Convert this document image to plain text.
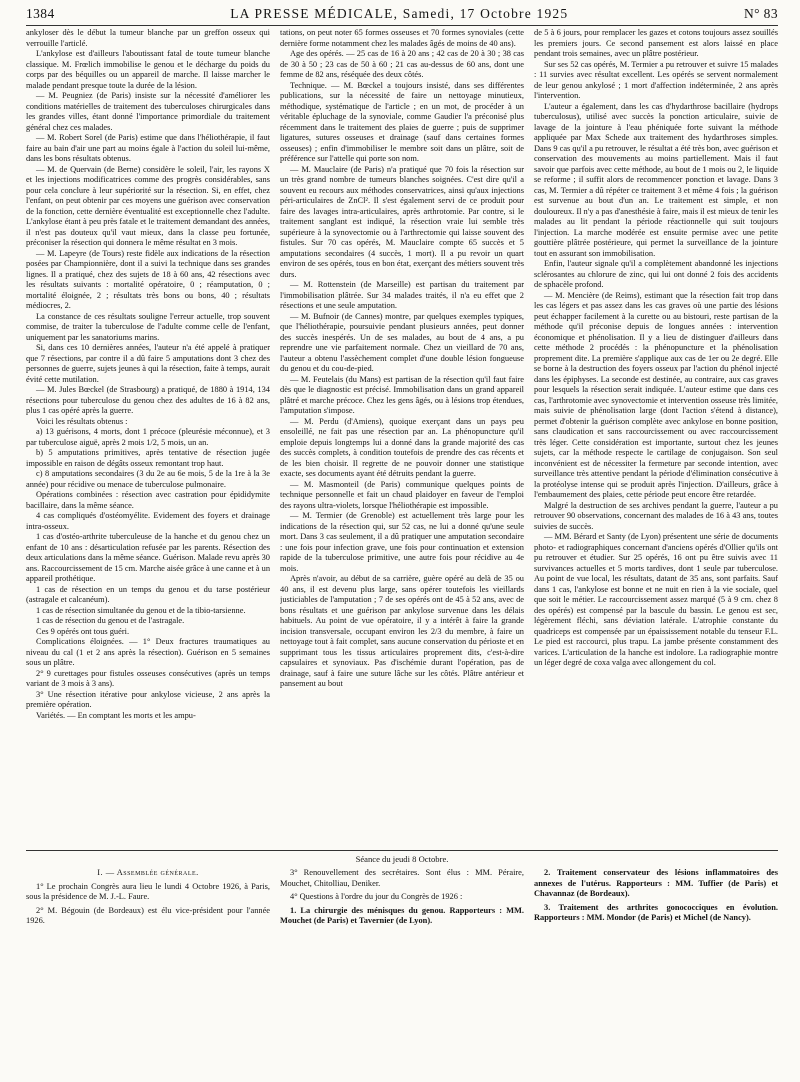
1384	LA PRESSE MÉDICALE, Samedi, 17 Octobre 1925	N° 83

ankyloser dès le début la tumeur blanche par un greffon osseux qui verrouille l'articlé.

L'ankylose est d'ailleurs l'aboutissant fatal de toute tumeur blanche classique. M. Frœlich immobilise le genou et le décharge du poids du corps par des béquilles ou un appareil de marche. Il laisse marcher le malade pendant presque toute la durée de la lésion.

— M. Peugniez (de Paris) insiste sur la nécessité d'améliorer les conditions matérielles de traitement des tuberculoses chirurgicales dans les grandes villes, étant donné l'importance primordiale du traitement général chez ces malades.

— M. Robert Sorel (de Paris) estime que dans l'héliothérapie, il faut faire au bain d'air une part au moins égale à l'action du soleil lui-même, dans les bons résultats obtenus.

— M. de Quervain (de Berne) considère le soleil, l'air, les rayons X et les injections modificatrices comme des progrès considérables, sans pour cela conclure à leur supériorité sur la résection. Si, en effet, chez l'enfant, on peut obtenir par ces moyens une guérison avec conservation de la fonction, cette dernière éventualité est exceptionnelle chez l'adulte. L'ankylose étant à peu près fatale et le traitement demandant des années, il n'est pas douteux qu'il vaut mieux, dans la classe peu fortunée, préconiser la résection qui donnera le même résultat en 3 mois.

— M. Lapeyre (de Tours) reste fidèle aux indications de la résection posées par Championnière, dont il a suivi la technique dans ses grandes lignes. Il a pratiqué, chez des sujets de 18 à 60 ans, 42 résections avec les résultats suivants : mortalité opératoire, 0 ; réamputation, 0 ; mortalité éloignée, 2 ; résultats très bons ou bons, 40 ; résultats médiocres, 2.

La constance de ces résultats souligne l'erreur actuelle, trop souvent commise, de traiter la tuberculose de l'adulte comme celle de l'enfant, uniquement par les sanatoriums marins.

Si, dans ces 10 dernières années, l'auteur n'a été appelé à pratiquer que 7 résections, par contre il a dû faire 5 amputations dont 3 chez des personnes de guerre, sujets jeunes à qui la résection, faite à temps, aurait évité cette mutilation.

— M. Jules Bœckel (de Strasbourg) a pratiqué, de 1880 à 1914, 134 résections pour tuberculose du genou chez des adultes de 16 à 82 ans, plus 1 cas opéré après la guerre.

Voici les résultats obtenus :

a) 13 guérisons, 4 morts, dont 1 précoce (pleurésie méconnue), et 3 par tuberculose aiguë, après 2 mois 1/2, 5 mois, un an.

b) 5 amputations primitives, après tentative de résection jugée impossible en raison de dégâts osseux remontant trop haut.

c) 8 amputations secondaires (3 du 2e au 6e mois, 5 de la 1re à la 3e année) pour récidive ou menace de tuberculose pulmonaire.

Opérations combinées : résection avec castration pour épididymite bacillaire, dans la même séance.

4 cas compliqués d'ostéomyélite. Evidement des foyers et drainage intra-osseux.

1 cas d'ostéo-arthrite tuberculeuse de la hanche et du genou chez un enfant de 10 ans : désarticulation refusée par les parents. Résection des deux articulations dans la même séance. Guérison. Malade revu après 30 ans. Raccourcissement de 15 cm. Marche aisée grâce à une canne et à un appareil prothétique.

1 cas de résection en un temps du genou et du tarse postérieur (astragale et calcanéum).

1 cas de résection simultanée du genou et de la tibio-tarsienne.

1 cas de résection du genou et de l'astragale.

Ces 9 opérés ont tous guéri.

Complications éloignées. — 1° Deux fractures traumatiques au niveau du cal (1 et 2 ans après la résection). Guérison en 5 semaines sous un plâtre.

2° 9 curettages pour fistules osseuses consécutives (après un temps variant de 3 mois à 3 ans).

3° Une résection itérative pour ankylose vicieuse, 2 ans après la première opération.

Variétés. — En comptant les morts et les ampu-

tations, on peut noter 65 formes osseuses et 70 formes synoviales (cette dernière forme notamment chez les malades âgés de moins de 40 ans).

Age des opérés. — 25 cas de 16 à 20 ans ; 42 cas de 20 à 30 ; 38 cas de 30 à 50 ; 23 cas de 50 à 60 ; 21 cas au-dessus de 60 ans, dont une femme de 82 ans, réséquée des deux côtés.

Technique. — M. Bœckel a toujours insisté, dans ses différentes publications, sur la nécessité de faire un nettoyage minutieux, méthodique, systématique de l'article ; en un mot, de procéder à un véritable épluchage de la synoviale, comme Gaudier l'a préconisé plus récemment dans le traitement des plaies de guerre ; puis de supprimer ligatures, sutures osseuses et drainage (sauf dans certaines formes osseuses) ; enfin d'immobiliser le membre soit dans un plâtre, soit de préférence sur l'attelle qui porte son nom.

— M. Mauclaire (de Paris) n'a pratiqué que 70 fois la résection sur un très grand nombre de tumeurs blanches soignées. C'est dire qu'il a souvent eu recours aux méthodes conservatrices, ainsi qu'aux injections péri-articulaires de ZnCl². Il s'est également servi de ce produit pour faire des lavages intra-articulaires, après arthrotomie. Par contre, si le traitement sanglant est indiqué, la résection vraie lui semble très supérieure à la synovectomie ou à l'arthrectomie qui laisse souvent des fistules. Sur 70 cas opérés, M. Mauclaire compte 65 succès et 5 amputations secondaires (4 succès, 1 mort). Il a pu revoir un quart environ de ses opérés, tous en bon état, exerçant des métiers souvent très durs.

— M. Rottenstein (de Marseille) est partisan du traitement par l'immobilisation plâtrée. Sur 34 malades traités, il n'a eu effet que 2 résections et une seule amputation.

— M. Bufnoir (de Cannes) montre, par quelques exemples typiques, que l'héliothérapie, poursuivie pendant plusieurs années, peut donner des succès inespérés. Un de ses malades, au bout de 4 ans, a pu reprendre une vie parfaitement normale. Chez un vieillard de 70 ans, l'auteur a obtenu l'assèchement complet d'une double lésion fongueuse du genou et du cou-de-pied.

— M. Feutelais (du Mans) est partisan de la résection qu'il faut faire dès que le diagnostic est précisé. Immobilisation dans un grand appareil plâtré et marche précoce. Chez les gens âgés, ou à lésions trop étendues, l'amputation s'impose.

— M. Perdu (d'Amiens), quoique exerçant dans un pays peu ensoleillé, ne fait pas une résection par an. La phénopuncture qu'il emploie depuis longtemps lui a donné dans la grande majorité des cas des succès complets, à condition toutefois de prendre des cas récents et de les bien choisir. Il regrette de ne pouvoir donner une statistique exacte, ses documents ayant été détruits pendant la guerre.

— M. Masmonteil (de Paris) communique quelques points de technique personnelle et fait un chaud plaidoyer en faveur de l'emploi des rayons ultra-violets, lorsque l'héliothérapie est impossible.

— M. Termier (de Grenoble) est actuellement très large pour les indications de la résection qui, sur 52 cas, ne lui a donné qu'une seule mort. Dans 3 cas seulement, il a dû pratiquer une amputation secondaire : une fois pour infection grave, une fois pour continuation et extension rapide de la tuberculose primitive, une autre fois pour récidive au 4e mois.

Après n'avoir, au début de sa carrière, guère opéré au delà de 35 ou 40 ans, il est devenu plus large, sans opérer toutefois les vieillards justiciables de l'amputation ; 7 de ses opérés ont de 45 à 52 ans, avec de bons résultats et une guérison par ankylose survenue dans les délais habituels. Au point de vue opératoire, il y a intérêt à faire la grande incision transversale, occupant environ les 2/3 du membre, à faire un nettoyage tout à fait complet, sans aucune conservation du périoste et en supprimant tous les tissus articulaires proprement dits, c'est-à-dire capsulaires et synoviaux. Pas d'ischémie durant l'opération, pas de drainage, sauf à faire une suture lâche sur les côtés. Plâtre antérieur et pansement au bout

de 5 à 6 jours, pour remplacer les gazes et cotons toujours assez souillés les premiers jours. Ce second pansement est alors laissé en place pendant trois semaines, avec un plâtre postérieur.

Sur ses 52 cas opérés, M. Termier a pu retrouver et suivre 15 malades : 11 survies avec résultat excellent. Les opérés se servent normalement de leur genou ankylosé ; 1 mort d'affection indéterminée, 2 ans après l'intervention.

L'auteur a également, dans les cas d'hydarthrose bacillaire (hydrops tuberculosus), utilisé avec succès la ponction articulaire, suivie de lavage de la jointure à l'eau phéniquée forte suivant la méthode appliquée par Max Schede aux traitement des hydarthroses simples. Dans 9 cas qu'il a pu retrouver, le résultat a été très bon, avec guérison et conservation des mouvements au moins partiellement. Mais il faut savoir que parfois avec cette méthode, au bout de 1 mois ou 2, le liquide se reforme ; il suffit alors de recommencer ponction et lavage. Dans 3 cas, M. Termier a dû répéter ce traitement 3 et même 4 fois ; la guérison est survenue au bout d'un an. Le traitement est simple, et non douloureux. Il n'y a pas d'anesthésie à faire, mais il est mieux de tenir les malades au lit pendant la période réactionnelle qui suit toujours l'injection. La marche modérée est ensuite permise avec une petite gouttière plâtrée postérieure, qui permet la surveillance de la jointure tout en assurant son immobilisation.

Enfin, l'auteur signale qu'il a complètement abandonné les injections sclérosantes au chlorure de zinc, qui lui ont donné 2 fois des accidents de sphacèle profond.

— M. Mencière (de Reims), estimant que la résection fait trop dans les cas légers et pas assez dans les cas graves où une partie des lésions peut échapper facilement à la curette ou au bistouri, reste partisan de la méthode qu'il préconise depuis de longues années : intervention économique et phénolisation. Il y a lieu de distinguer d'ailleurs dans cette méthode 2 procédés : la phénopuncture et la phénolisation proprement dite. La première s'applique aux cas de 1er ou 2e degré. Elle se borne à la destruction des foyers osseux par l'action du phénol injecté dans les épiphyses. La seconde est destinée, au contraire, aux cas graves pour lesquels la résection serait indiquée. L'auteur estime que dans ces cas, l'arthrotomie avec synovectomie et intervention osseuse très limitée, mais suivie de phénolisation large (dont l'action s'étend à distance), permet d'obtenir la guérison complète avec ankylose en bonne position, sans claudication et sans raccourcissement ou avec raccourcissement très léger. Cette considération est importante, surtout chez les jeunes sujets, car la méthode respecte le cartilage de conjugaison. Son seul inconvénient est de nécessiter la fermeture par seconde intention, avec surveillance très attentive pendant la période d'élimination consécutive à la protéolyse intense qui se produit après l'injection. D'ailleurs, grâce à l'embaumement des plaies, cette période peut encore être retardée.

Malgré la destruction de ses archives pendant la guerre, l'auteur a pu retrouver 90 observations, concernant des malades de 16 à 43 ans, toutes suivies de succès.

— MM. Bérard et Santy (de Lyon) présentent une série de documents photo- et radiographiques concernant d'anciens opérés d'Ollier qu'ils ont pu retrouver et étudier. Sur 25 opérés, 16 ont pu être suivis avec 11 survivances actuelles et 5 morts tardives, dont 1 seule par tuberculose. Au point de vue local, les résultats, datant de 35 ans, sont parfaits. Sauf dans 1 cas, l'ankylose est bonne et ne nuit en rien à la vie sociale, quel que soit le métier. Le raccourcissement assez marqué (5 à 9 cm. chez 8 des opérés) est compensé par la bascule du bassin. Le genou est sec, légèrement fléchi, sans déviation latérale. L'atrophie constante du quadriceps est compensée par un épaississement notable du tenseur F.L. Le pied est raccourci, plus trapu. La jambe présente constamment des varices. L'articulation de la hanche est indolore. La radiographie montre un léger degré de coxa valga avec allongement du col.

Séance du jeudi 8 Octobre.

I. — Assemblée générale.

1° Le prochain Congrès aura lieu le lundi 4 Octobre 1926, à Paris, sous la présidence de M. J.-L. Faure.

2° M. Bégouin (de Bordeaux) est élu vice-président pour l'année 1926.

3° Renouvellement des secrétaires. Sont élus : MM. Péraire, Mouchet, Chitolliau, Deniker.

4° Questions à l'ordre du jour du Congrès de 1926 :

1. La chirurgie des ménisques du genou. Rapporteurs : MM. Mouchet (de Paris) et Tavernier (de Lyon).

2. Traitement conservateur des lésions inflammatoires des annexes de l'utérus. Rapporteurs : MM. Tuffier (de Paris) et Chavannaz (de Bordeaux).

3. Traitement des arthrites gonococciques en évolution. Rapporteurs : MM. Mondor (de Paris) et Michel (de Nancy).
